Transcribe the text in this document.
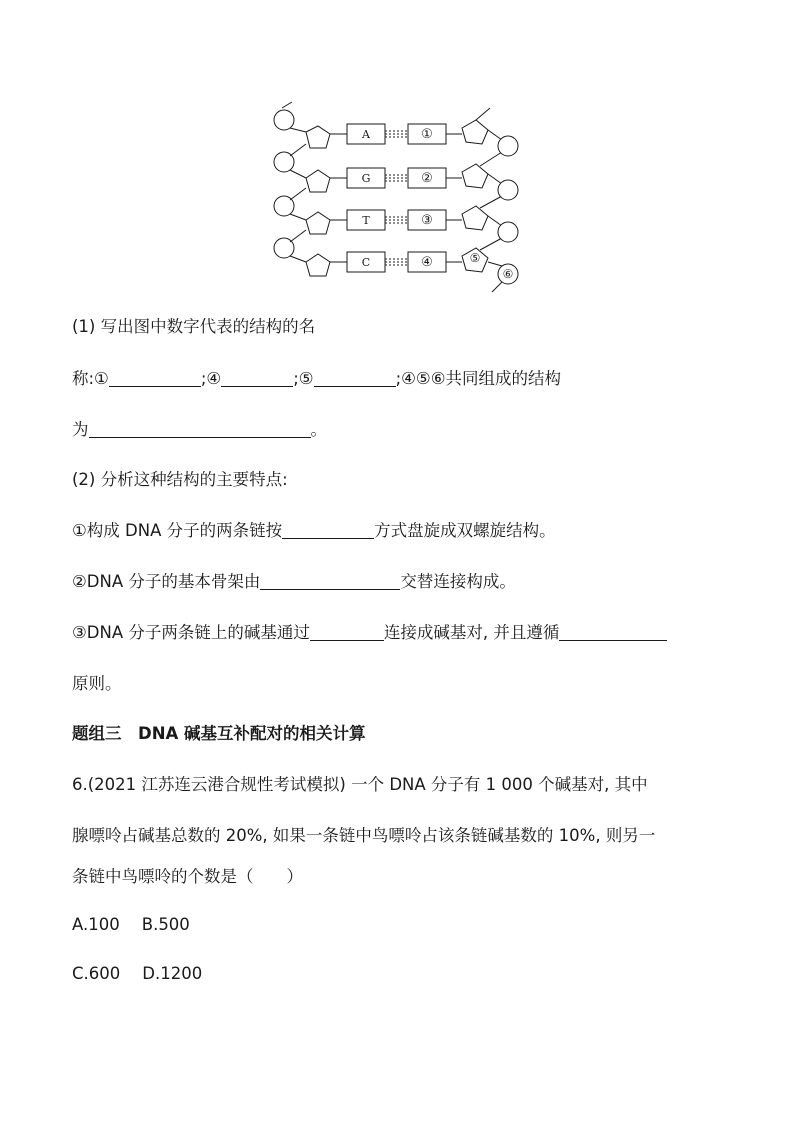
A
G
T
C
①
②
③
④	⑤
⑥
(1) 写出图中数字代表的结构的名
称:①	;④	;⑤	;④⑤⑥共同组成的结构
为	。
(2) 分析这种结构的主要特点:
①构成 DNA 分子的两条链按	方式盘旋成双螺旋结构。
②DNA 分子的基本骨架由	交替连接构成。
③DNA 分子两条链上的碱基通过	连接成碱基对, 并且遵循
原则。
题组三　DNA 碱基互补配对的相关计算
6.(2021 江苏连云港合规性考试模拟) 一个 DNA 分子有 1 000 个碱基对, 其中
腺嘌呤占碱基总数的 20%, 如果一条链中鸟嘌呤占该条链碱基数的 10%, 则另一
条链中鸟嘌呤的个数是（　　）
A.100 B.500
C.600 D.1200
